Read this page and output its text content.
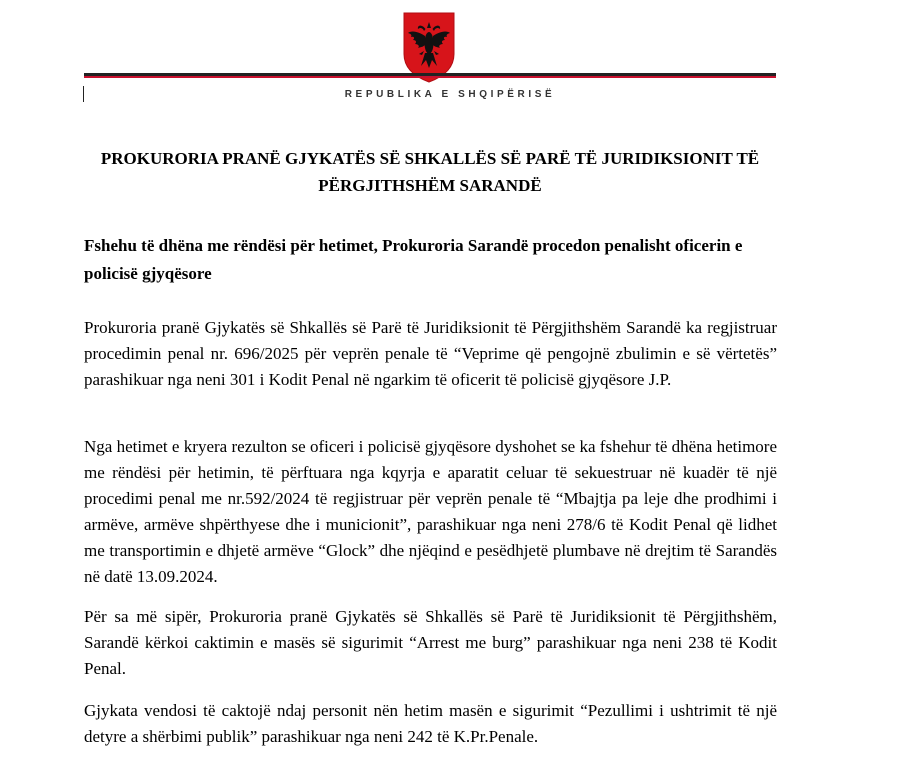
REPUBLIKA E SHQIPËRISË
PROKURORIA PRANË GJYKATËS SË SHKALLËS SË PARË TË JURIDIKSIONIT TË PËRGJITHSHËM SARANDË
Fshehu të dhëna me rëndësi për hetimet, Prokuroria Sarandë procedon penalisht oficerin e policisë gjyqësore

Prokuroria pranë Gjykatës së Shkallës së Parë të Juridiksionit të Përgjithshëm Sarandë ka regjistruar procedimin penal nr. 696/2025 për veprën penale të “Veprime që pengojnë zbulimin e së vërtetës” parashikuar nga neni 301 i Kodit Penal në ngarkim të oficerit të policisë gjyqësore J.P.

Nga hetimet e kryera rezulton se oficeri i policisë gjyqësore dyshohet se ka fshehur të dhëna hetimore me rëndësi për hetimin, të përftuara nga kqyrja e aparatit celuar të sekuestruar në kuadër të një procedimi penal me nr.592/2024 të regjistruar për veprën penale të “Mbajtja pa leje dhe prodhimi i armëve, armëve shpërthyese dhe i municionit”, parashikuar nga neni 278/6 të Kodit Penal që lidhet me transportimin e dhjetë armëve “Glock” dhe njëqind e pesëdhjetë plumbave në drejtim të Sarandës në datë 13.09.2024.

Për sa më sipër, Prokuroria pranë Gjykatës së Shkallës së Parë të Juridiksionit të Përgjithshëm, Sarandë kërkoi caktimin e masës së sigurimit “Arrest me burg” parashikuar nga neni 238 të Kodit Penal.

Gjykata vendosi të caktojë ndaj personit nën hetim masën e sigurimit “Pezullimi i ushtrimit të një detyre a shërbimi publik” parashikuar nga neni 242 të K.Pr.Penale.
